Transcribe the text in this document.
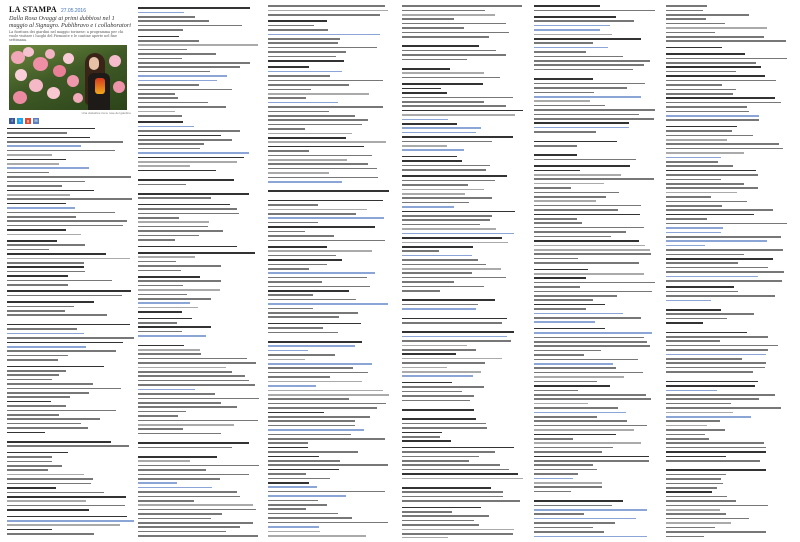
LA STAMPA 27.05.2016
Dalla Rosa Ovaggi ai primi dubbiosi nel 1 maggio al Signagro. Publibravo e i collaboratori
La fioritura dei giardini nel maggio torinese: a programma per chi vuole visitare i luoghi del Piemonte e le cantine aperte nel fine settimana.
Una visitatrice tra le rose del giardino
f	t	g	✉
